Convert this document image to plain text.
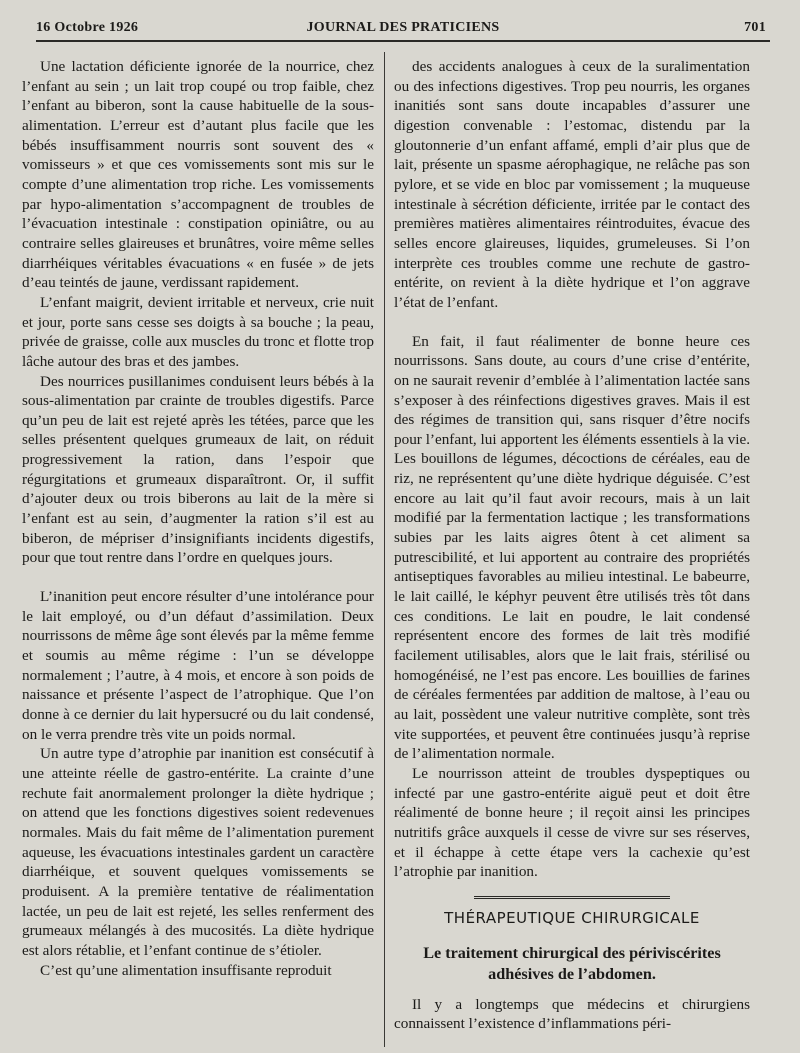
16 Octobre 1926	JOURNAL DES PRATICIENS	701

Une lactation déficiente ignorée de la nourrice, chez l’enfant au sein ; un lait trop coupé ou trop faible, chez l’enfant au biberon, sont la cause habituelle de la sous-alimentation. L’erreur est d’autant plus facile que les bébés insuffisamment nourris sont souvent des « vomisseurs » et que ces vomissements sont mis sur le compte d’une alimentation trop riche. Les vomissements par hypo-alimentation s’accompagnent de troubles de l’évacuation intestinale : constipation opiniâtre, ou au contraire selles glaireuses et brunâtres, voire même selles diarrhéiques véritables évacuations « en fusée » de jets d’eau teintés de jaune, verdissant rapidement.

L’enfant maigrit, devient irritable et nerveux, crie nuit et jour, porte sans cesse ses doigts à sa bouche ; la peau, privée de graisse, colle aux muscles du tronc et flotte trop lâche autour des bras et des jambes.

Des nourrices pusillanimes conduisent leurs bébés à la sous-alimentation par crainte de troubles digestifs. Parce qu’un peu de lait est rejeté après les tétées, parce que les selles présentent quelques grumeaux de lait, on réduit progressivement la ration, dans l’espoir que régurgitations et grumeaux disparaîtront. Or, il suffit d’ajouter deux ou trois biberons au lait de la mère si l’enfant est au sein, d’augmenter la ration s’il est au biberon, de mépriser d’insignifiants incidents digestifs, pour que tout rentre dans l’ordre en quelques jours.

L’inanition peut encore résulter d’une intolérance pour le lait employé, ou d’un défaut d’assimilation. Deux nourrissons de même âge sont élevés par la même femme et soumis au même régime : l’un se développe normalement ; l’autre, à 4 mois, et encore à son poids de naissance et présente l’aspect de l’atrophique. Que l’on donne à ce dernier du lait hypersucré ou du lait condensé, on le verra prendre très vite un poids normal.

Un autre type d’atrophie par inanition est consécutif à une atteinte réelle de gastro-entérite. La crainte d’une rechute fait anormalement prolonger la diète hydrique ; on attend que les fonctions digestives soient redevenues normales. Mais du fait même de l’alimentation purement aqueuse, les évacuations intestinales gardent un caractère diarrhéique, et souvent quelques vomissements se produisent. A la première tentative de réalimentation lactée, un peu de lait est rejeté, les selles renferment des grumeaux mélangés à des mucosités. La diète hydrique est alors rétablie, et l’enfant continue de s’étioler.

C’est qu’une alimentation insuffisante reproduit

des accidents analogues à ceux de la suralimentation ou des infections digestives. Trop peu nourris, les organes inanitiés sont sans doute incapables d’assurer une digestion convenable : l’estomac, distendu par la gloutonnerie d’un enfant affamé, empli d’air plus que de lait, présente un spasme aérophagique, ne relâche pas son pylore, et se vide en bloc par vomissement ; la muqueuse intestinale à sécrétion déficiente, irritée par le contact des premières matières alimentaires réintroduites, évacue des selles encore glaireuses, liquides, grumeleuses. Si l’on interprète ces troubles comme une rechute de gastro-entérite, on revient à la diète hydrique et l’on aggrave l’état de l’enfant.

En fait, il faut réalimenter de bonne heure ces nourrissons. Sans doute, au cours d’une crise d’entérite, on ne saurait revenir d’emblée à l’alimentation lactée sans s’exposer à des réinfections digestives graves. Mais il est des régimes de transition qui, sans risquer d’être nocifs pour l’enfant, lui apportent les éléments essentiels à la vie. Les bouillons de légumes, décoctions de céréales, eau de riz, ne représentent qu’une diète hydrique déguisée. C’est encore au lait qu’il faut avoir recours, mais à un lait modifié par la fermentation lactique ; les transformations subies par les laits aigres ôtent à cet aliment sa putrescibilité, et lui apportent au contraire des propriétés antiseptiques favorables au milieu intestinal. Le babeurre, le lait caillé, le képhyr peuvent être utilisés très tôt dans ces conditions. Le lait en poudre, le lait condensé représentent encore des formes de lait très modifié facilement utilisables, alors que le lait frais, stérilisé ou homogénéisé, ne l’est pas encore. Les bouillies de farines de céréales fermentées par addition de maltose, à l’eau ou au lait, possèdent une valeur nutritive complète, sont très vite supportées, et peuvent être continuées jusqu’à reprise de l’alimentation normale.

Le nourrisson atteint de troubles dyspeptiques ou infecté par une gastro-entérite aiguë peut et doit être réalimenté de bonne heure ; il reçoit ainsi les principes nutritifs grâce auxquels il cesse de vivre sur ses réserves, et il échappe à cette étape vers la cachexie qu’est l’atrophie par inanition.

THÉRAPEUTIQUE CHIRURGICALE

Le traitement chirurgical des périviscérites adhésives de l’abdomen.

Il y a longtemps que médecins et chirurgiens connaissent l’existence d’inflammations péri-
